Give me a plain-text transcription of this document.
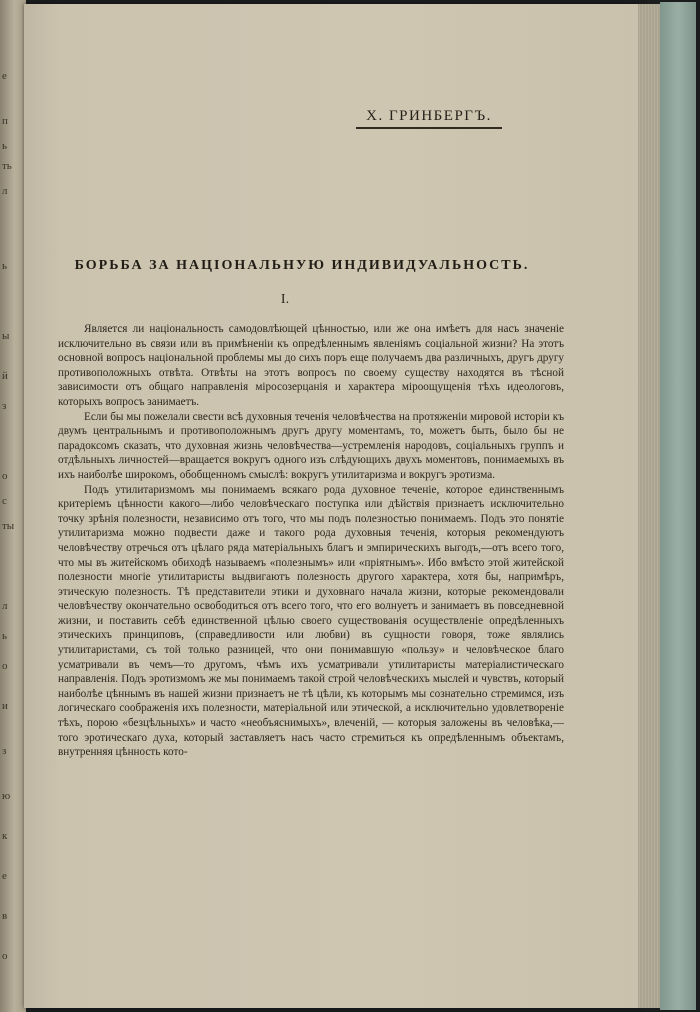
е
п
ь
ть
л
ь
ы
й
з
о
с
ты
л
ь
о
и
з
ю
к
е
в
о
Х. ГРИНБЕРГЪ.
БОРЬБА ЗА НАЦІОНАЛЬНУЮ ИНДИВИДУАЛЬНОСТЬ.
I.

Является ли національность самодовлѣющей цѣнностью, или же она имѣетъ для насъ значеніе исключительно въ связи или въ примѣненіи къ опредѣленнымъ явленіямъ соціальной жизни? На этотъ основной вопросъ національной проблемы мы до сихъ поръ еще получаемъ два различныхъ, другъ другу противоположныхъ отвѣта. Отвѣты на этотъ вопросъ по своему существу находятся въ тѣсной зависимости отъ общаго направленія міросозерцанія и характера міроощущенія тѣхъ идеологовъ, которыхъ вопросъ занимаетъ.

Если бы мы пожелали свести всѣ духовныя теченія человѣчества на протяженіи мировой исторіи къ двумъ центральнымъ и противоположнымъ другъ другу моментамъ, то, можетъ быть, было бы не парадоксомъ сказать, что духовная жизнь человѣчества—устремленія народовъ, соціальныхъ группъ и отдѣльныхъ личностей—вращается вокругъ одного изъ слѣдующихъ двухъ моментовъ, понимаемыхъ въ ихъ наиболѣе широкомъ, обобщенномъ смыслѣ: вокругъ утилитаризма и вокругъ эротизма.

Подъ утилитаризмомъ мы понимаемъ всякаго рода духовное теченіе, которое единственнымъ критеріемъ цѣнности какого—либо человѣческаго поступка или дѣйствія признаетъ исключительно точку зрѣнія полезности, независимо отъ того, что мы подъ полезностью понимаемъ. Подъ это понятіе утилитаризма можно подвести даже и такого рода духовныя теченія, которыя рекомендуютъ человѣчеству отречься отъ цѣлаго ряда матеріальныхъ благъ и эмпирическихъ выгодъ,—отъ всего того, что мы въ житейскомъ обиходѣ называемъ «полезнымъ» или «пріятнымъ». Ибо вмѣсто этой житейской полезности многіе утилитаристы выдвигаютъ полезность другого характера, хотя бы, напримѣръ, этическую полезность. Тѣ представители этики и духовнаго начала жизни, которые рекомендовали человѣчеству окончательно освободиться отъ всего того, что его волнуетъ и занимаетъ въ повседневной жизни, и поставить себѣ единственной цѣлью своего существованія осуществленіе опредѣленныхъ этическихъ принциповъ, (справедливости или любви) въ сущности говоря, тоже являлись утилитаристами, съ той только разницей, что они понимавшую «пользу» и человѣческое благо усматривали въ чемъ—то другомъ, чѣмъ ихъ усматривали утилитаристы матеріалистическаго направленія. Подъ эротизмомъ же мы понимаемъ такой строй человѣческихъ мыслей и чувствъ, который наиболѣе цѣннымъ въ нашей жизни признаетъ не тѣ цѣли, къ которымъ мы сознательно стремимся, изъ логическаго соображенія ихъ полезности, матеріальной или этической, а исключительно удовлетвореніе тѣхъ, порою «безцѣльныхъ» и часто «необъяснимыхъ», влеченій, — которыя заложены въ человѣка,—того эротическаго духа, который заставляетъ насъ часто стремиться къ опредѣленнымъ объектамъ, внутренняя цѣнность кото-
